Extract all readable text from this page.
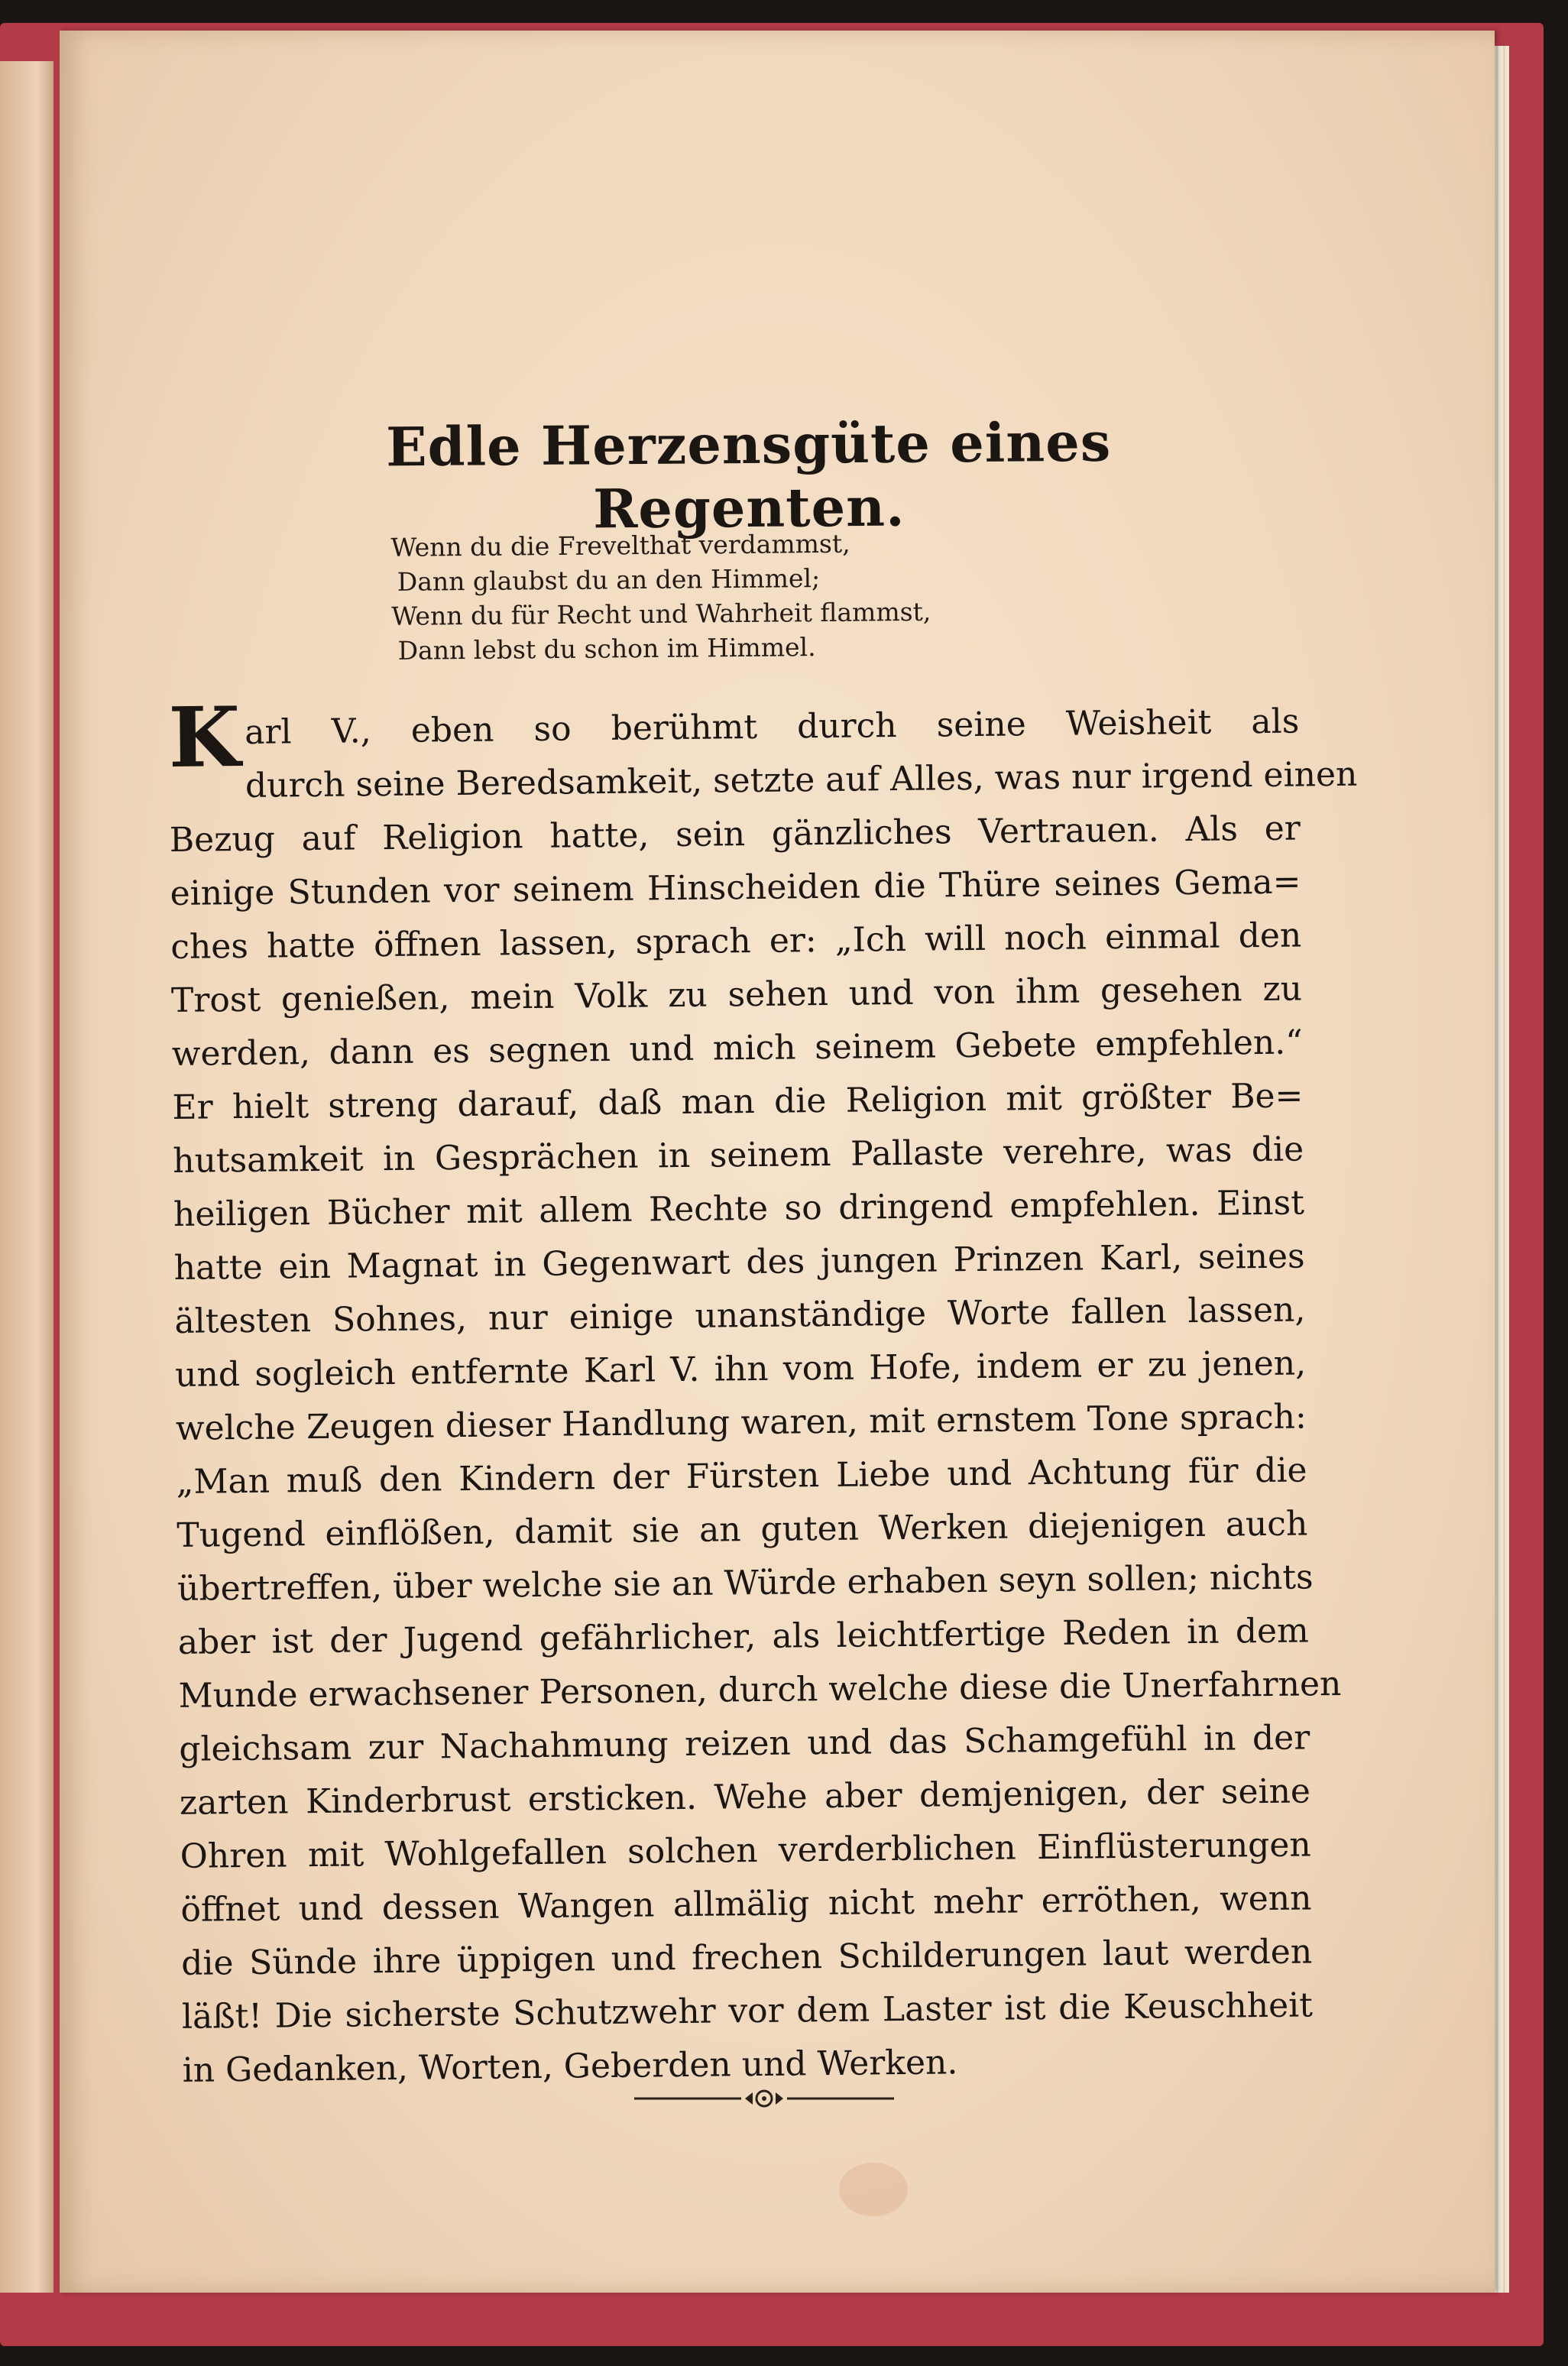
Edle Herzensgüte eines Regenten.
Wenn du die Frevelthat verdammst,
Dann glaubst du an den Himmel;
Wenn du für Recht und Wahrheit flammst,
Dann lebst du schon im Himmel.
K arl V., eben so berühmt durch seine Weisheit als
durch seine Beredsamkeit, setzte auf Alles, was nur irgend einen
Bezug auf Religion hatte, sein gänzliches Vertrauen. Als er
einige Stunden vor seinem Hinscheiden die Thüre seines Gema=
ches hatte öffnen lassen, sprach er: „Ich will noch einmal den
Trost genießen, mein Volk zu sehen und von ihm gesehen zu
werden, dann es segnen und mich seinem Gebete empfehlen.“
Er hielt streng darauf, daß man die Religion mit größter Be=
hutsamkeit in Gesprächen in seinem Pallaste verehre, was die
heiligen Bücher mit allem Rechte so dringend empfehlen. Einst
hatte ein Magnat in Gegenwart des jungen Prinzen Karl, seines
ältesten Sohnes, nur einige unanständige Worte fallen lassen,
und sogleich entfernte Karl V. ihn vom Hofe, indem er zu jenen,
welche Zeugen dieser Handlung waren, mit ernstem Tone sprach:
„Man muß den Kindern der Fürsten Liebe und Achtung für die
Tugend einflößen, damit sie an guten Werken diejenigen auch
übertreffen, über welche sie an Würde erhaben seyn sollen; nichts
aber ist der Jugend gefährlicher, als leichtfertige Reden in dem
Munde erwachsener Personen, durch welche diese die Unerfahrnen
gleichsam zur Nachahmung reizen und das Schamgefühl in der
zarten Kinderbrust ersticken. Wehe aber demjenigen, der seine
Ohren mit Wohlgefallen solchen verderblichen Einflüsterungen
öffnet und dessen Wangen allmälig nicht mehr erröthen, wenn
die Sünde ihre üppigen und frechen Schilderungen laut werden
läßt! Die sicherste Schutzwehr vor dem Laster ist die Keuschheit
in Gedanken, Worten, Geberden und Werken.
